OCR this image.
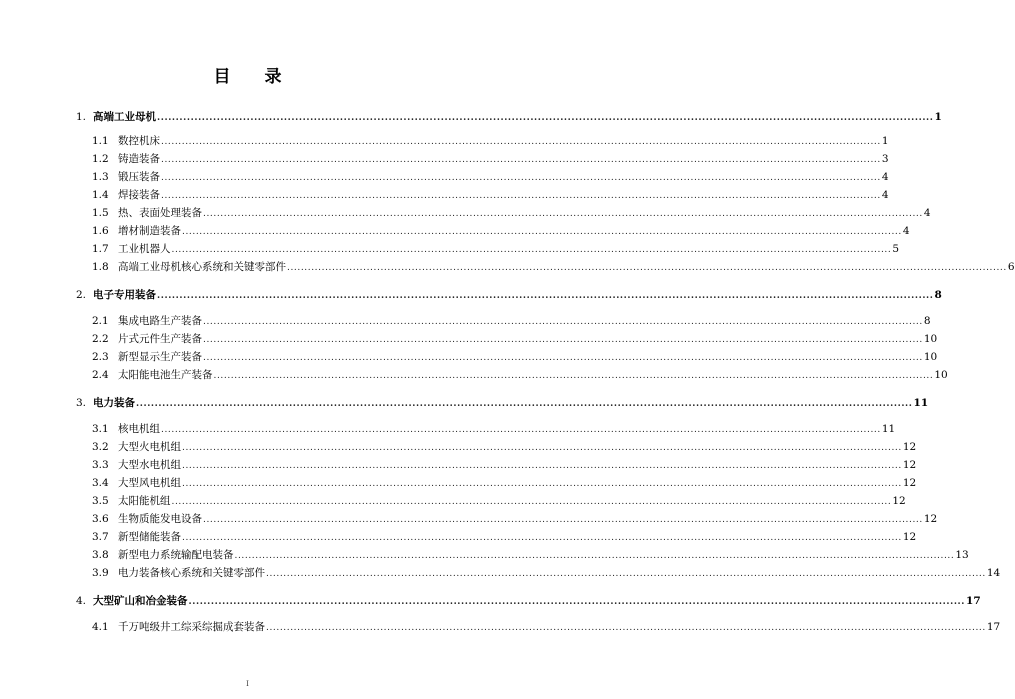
目 录
1. 高端工业母机 ................................................................................................................................................................................................................ 1
1.1 数控机床 ................................................................................................................................................................................................................ 1
1.2 铸造装备 ................................................................................................................................................................................................................ 3
1.3 锻压装备 ................................................................................................................................................................................................................ 4
1.4 焊接装备 ................................................................................................................................................................................................................ 4
1.5 热、表面处理装备 ................................................................................................................................................................................................................ 4
1.6 增材制造装备 ................................................................................................................................................................................................................ 4
1.7 工业机器人 ................................................................................................................................................................................................................ 5
1.8 高端工业母机核心系统和关键零部件 ................................................................................................................................................................................................................ 6
2. 电子专用装备 ................................................................................................................................................................................................................ 8
2.1 集成电路生产装备 ................................................................................................................................................................................................................ 8
2.2 片式元件生产装备 ................................................................................................................................................................................................................ 10
2.3 新型显示生产装备 ................................................................................................................................................................................................................ 10
2.4 太阳能电池生产装备 ................................................................................................................................................................................................................ 10
3. 电力装备 ................................................................................................................................................................................................................ 11
3.1 核电机组 ................................................................................................................................................................................................................ 11
3.2 大型火电机组 ................................................................................................................................................................................................................ 12
3.3 大型水电机组 ................................................................................................................................................................................................................ 12
3.4 大型风电机组 ................................................................................................................................................................................................................ 12
3.5 太阳能机组 ................................................................................................................................................................................................................ 12
3.6 生物质能发电设备 ................................................................................................................................................................................................................ 12
3.7 新型储能装备 ................................................................................................................................................................................................................ 12
3.8 新型电力系统输配电装备 ................................................................................................................................................................................................................ 13
3.9 电力装备核心系统和关键零部件 ................................................................................................................................................................................................................ 14
4. 大型矿山和冶金装备 ................................................................................................................................................................................................................ 17
4.1 千万吨级井工综采综掘成套装备 ................................................................................................................................................................................................................ 17
I
